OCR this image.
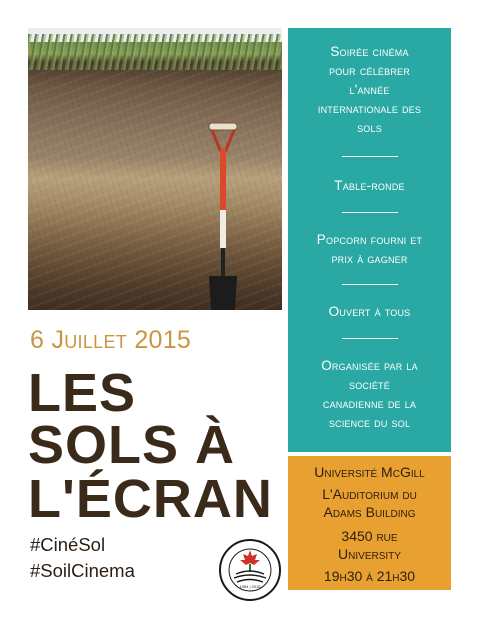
Soirée cinéma
pour célébrer
l'année
internationale des
sols
Table-ronde
Popcorn fourni et
prix à gagner
Ouvert à tous
Organisée par la
société
canadienne de la
science du sol
Université McGill
L'Auditorium du
Adams Building
3450 rue
University
19h30 à 21h30
6 Juillet 2015
LES
SOLS À
L'ÉCRAN
#CinéSol
#SoilCinema
1954 | 2015
